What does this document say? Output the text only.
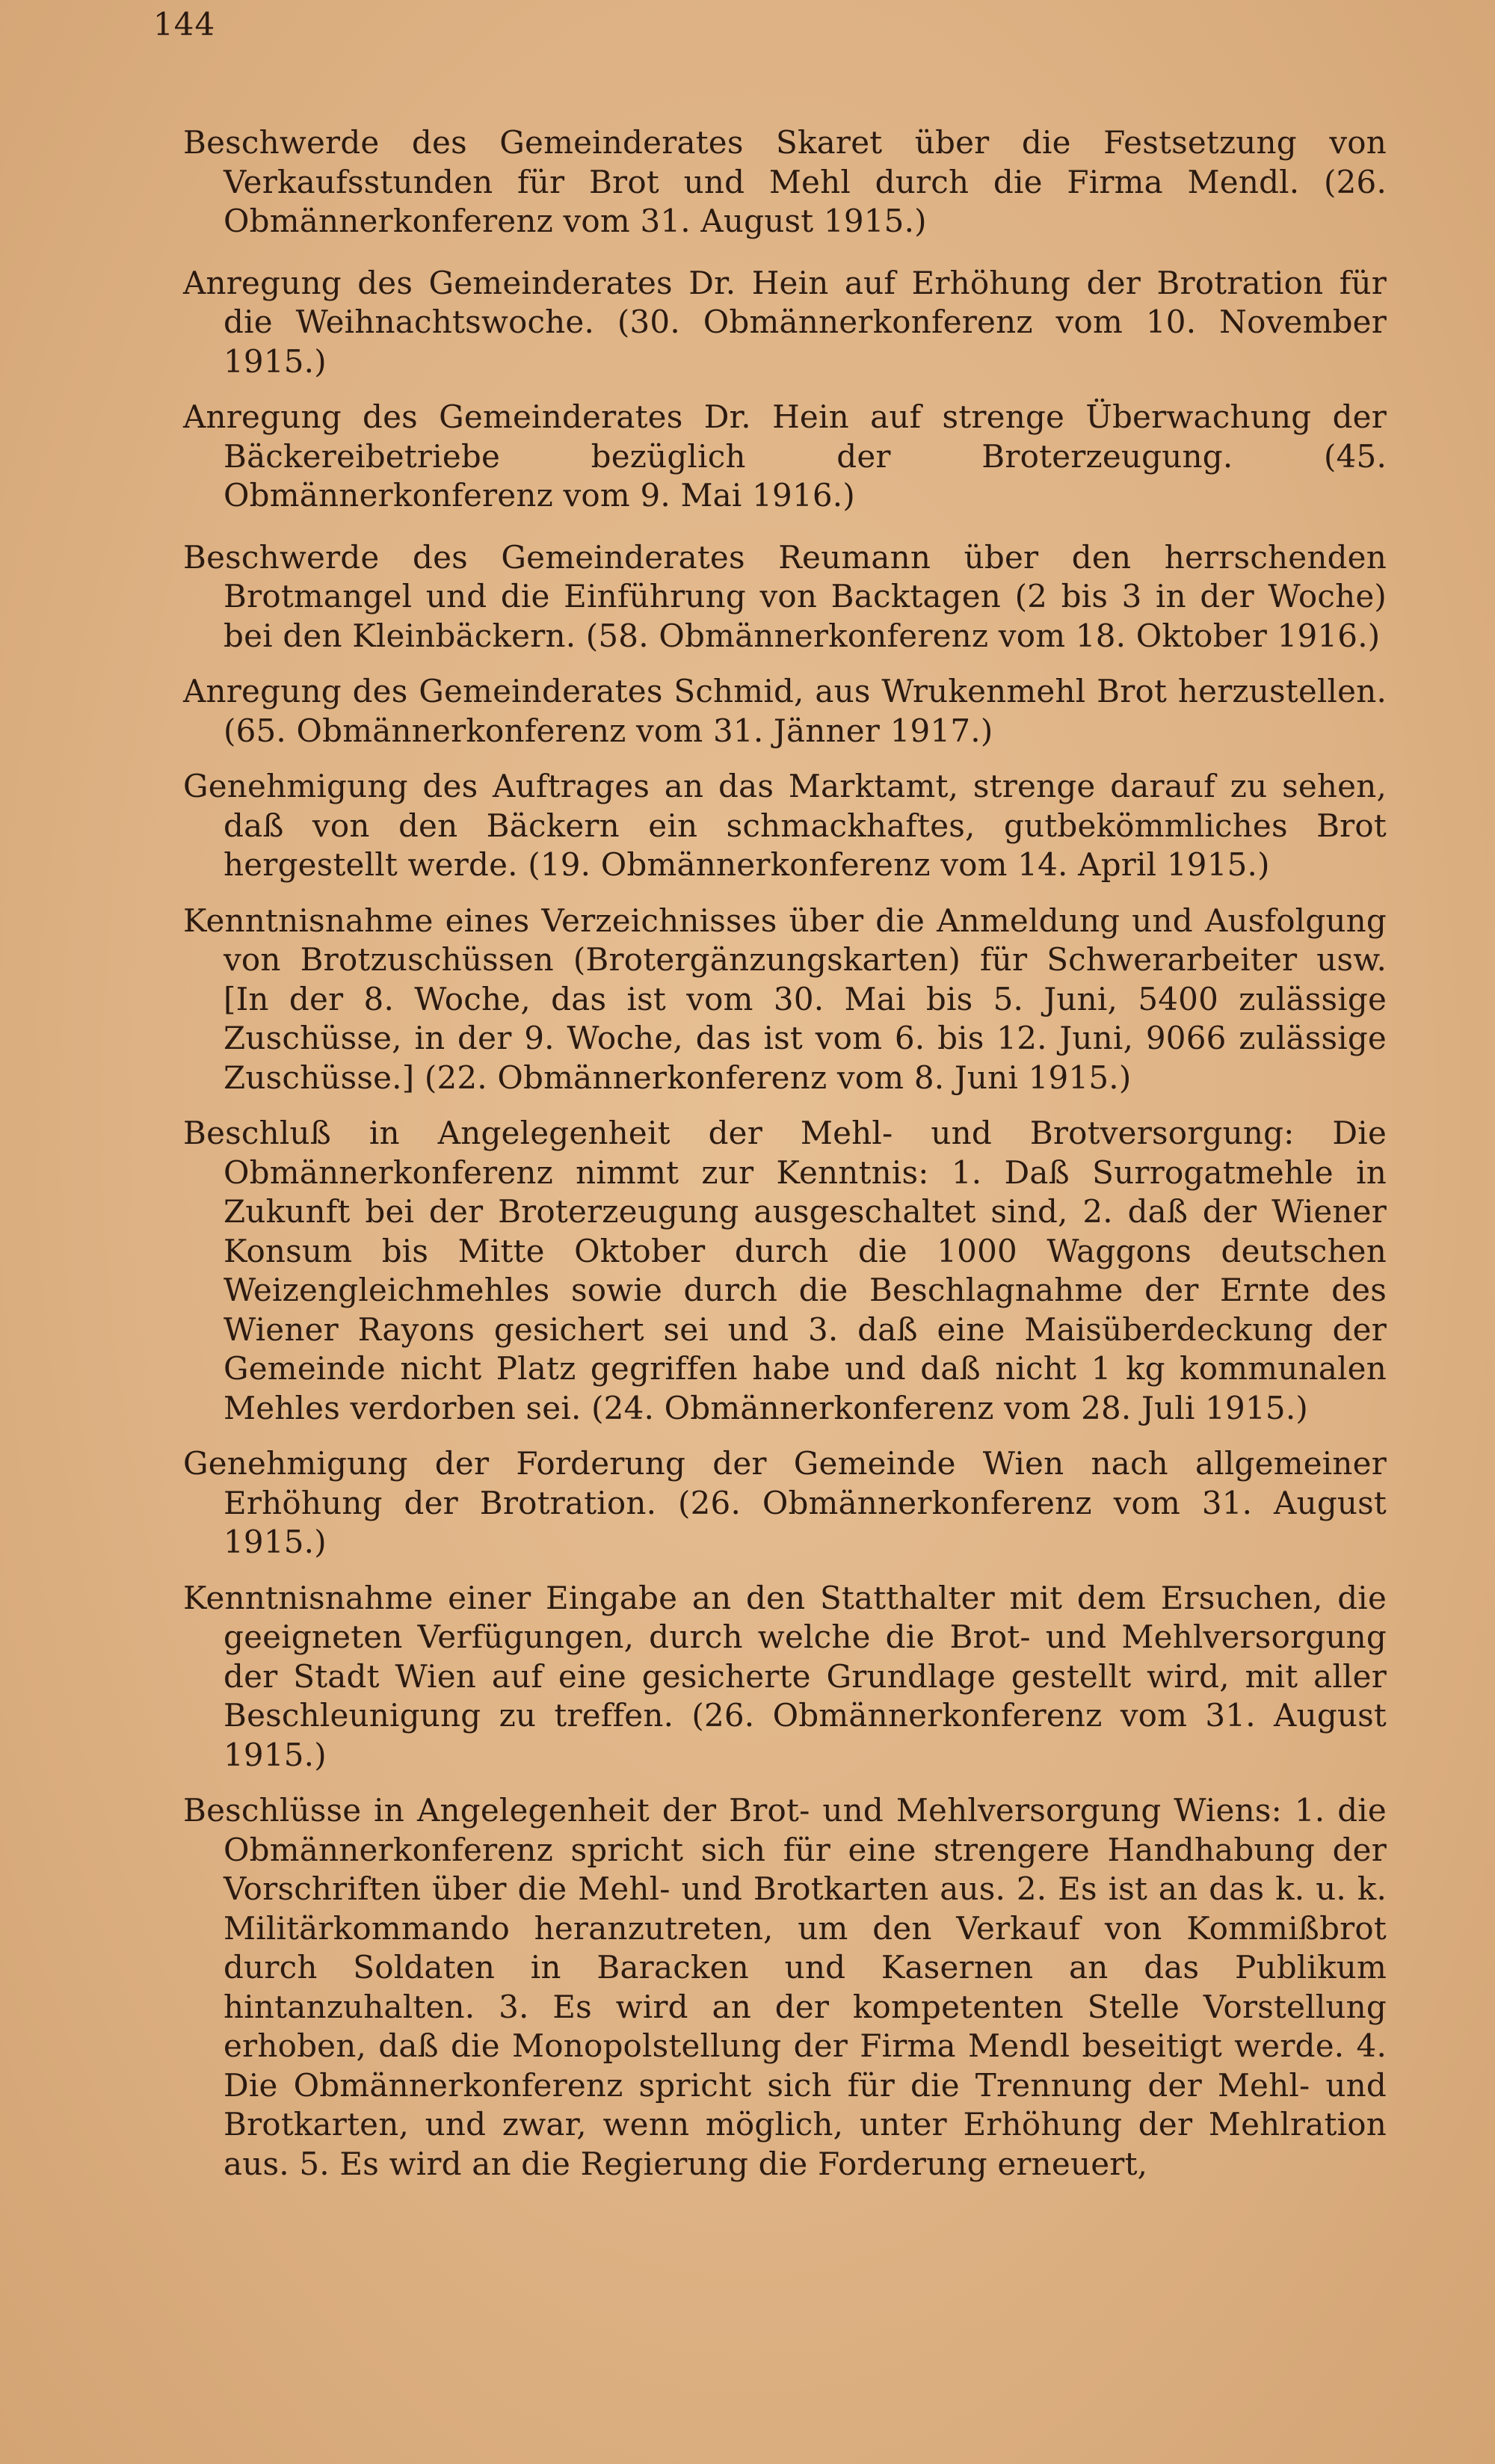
144

Beschwerde des Gemeinderates Skaret über die Festsetzung von Verkaufsstunden für Brot und Mehl durch die Firma Mendl. (26. Obmännerkonferenz vom 31. August 1915.)

Anregung des Gemeinderates Dr. Hein auf Erhöhung der Brotration für die Weihnachtswoche. (30. Obmännerkonferenz vom 10. November 1915.)

Anregung des Gemeinderates Dr. Hein auf strenge Überwachung der Bäckereibetriebe bezüglich der Broterzeugung. (45. Obmännerkonferenz vom 9. Mai 1916.)

Beschwerde des Gemeinderates Reumann über den herrschenden Brotmangel und die Einführung von Backtagen (2 bis 3 in der Woche) bei den Kleinbäckern. (58. Obmännerkonferenz vom 18. Oktober 1916.)

Anregung des Gemeinderates Schmid, aus Wrukenmehl Brot herzustellen. (65. Obmännerkonferenz vom 31. Jänner 1917.)

Genehmigung des Auftrages an das Marktamt, strenge darauf zu sehen, daß von den Bäckern ein schmackhaftes, gutbekömmliches Brot hergestellt werde. (19. Obmännerkonferenz vom 14. April 1915.)

Kenntnisnahme eines Verzeichnisses über die Anmeldung und Ausfolgung von Brotzuschüssen (Brotergänzungskarten) für Schwerarbeiter usw. [In der 8. Woche, das ist vom 30. Mai bis 5. Juni, 5400 zulässige Zuschüsse, in der 9. Woche, das ist vom 6. bis 12. Juni, 9066 zulässige Zuschüsse.] (22. Obmännerkonferenz vom 8. Juni 1915.)

Beschluß in Angelegenheit der Mehl- und Brotversorgung: Die Obmännerkonferenz nimmt zur Kenntnis: 1. Daß Surrogatmehle in Zukunft bei der Broterzeugung ausgeschaltet sind, 2. daß der Wiener Konsum bis Mitte Oktober durch die 1000 Waggons deutschen Weizengleichmehles sowie durch die Beschlagnahme der Ernte des Wiener Rayons gesichert sei und 3. daß eine Maisüberdeckung der Gemeinde nicht Platz gegriffen habe und daß nicht 1 kg kommunalen Mehles verdorben sei. (24. Obmännerkonferenz vom 28. Juli 1915.)

Genehmigung der Forderung der Gemeinde Wien nach allgemeiner Erhöhung der Brotration. (26. Obmännerkonferenz vom 31. August 1915.)

Kenntnisnahme einer Eingabe an den Statthalter mit dem Ersuchen, die geeigneten Verfügungen, durch welche die Brot- und Mehlversorgung der Stadt Wien auf eine gesicherte Grundlage gestellt wird, mit aller Beschleunigung zu treffen. (26. Obmännerkonferenz vom 31. August 1915.)

Beschlüsse in Angelegenheit der Brot- und Mehlversorgung Wiens: 1. die Obmännerkonferenz spricht sich für eine strengere Handhabung der Vorschriften über die Mehl- und Brotkarten aus. 2. Es ist an das k. u. k. Militärkommando heranzutreten, um den Verkauf von Kommißbrot durch Soldaten in Baracken und Kasernen an das Publikum hintanzuhalten. 3. Es wird an der kompetenten Stelle Vorstellung erhoben, daß die Monopolstellung der Firma Mendl beseitigt werde. 4. Die Obmännerkonferenz spricht sich für die Trennung der Mehl- und Brotkarten, und zwar, wenn möglich, unter Erhöhung der Mehlration aus. 5. Es wird an die Regierung die Forderung erneuert,
